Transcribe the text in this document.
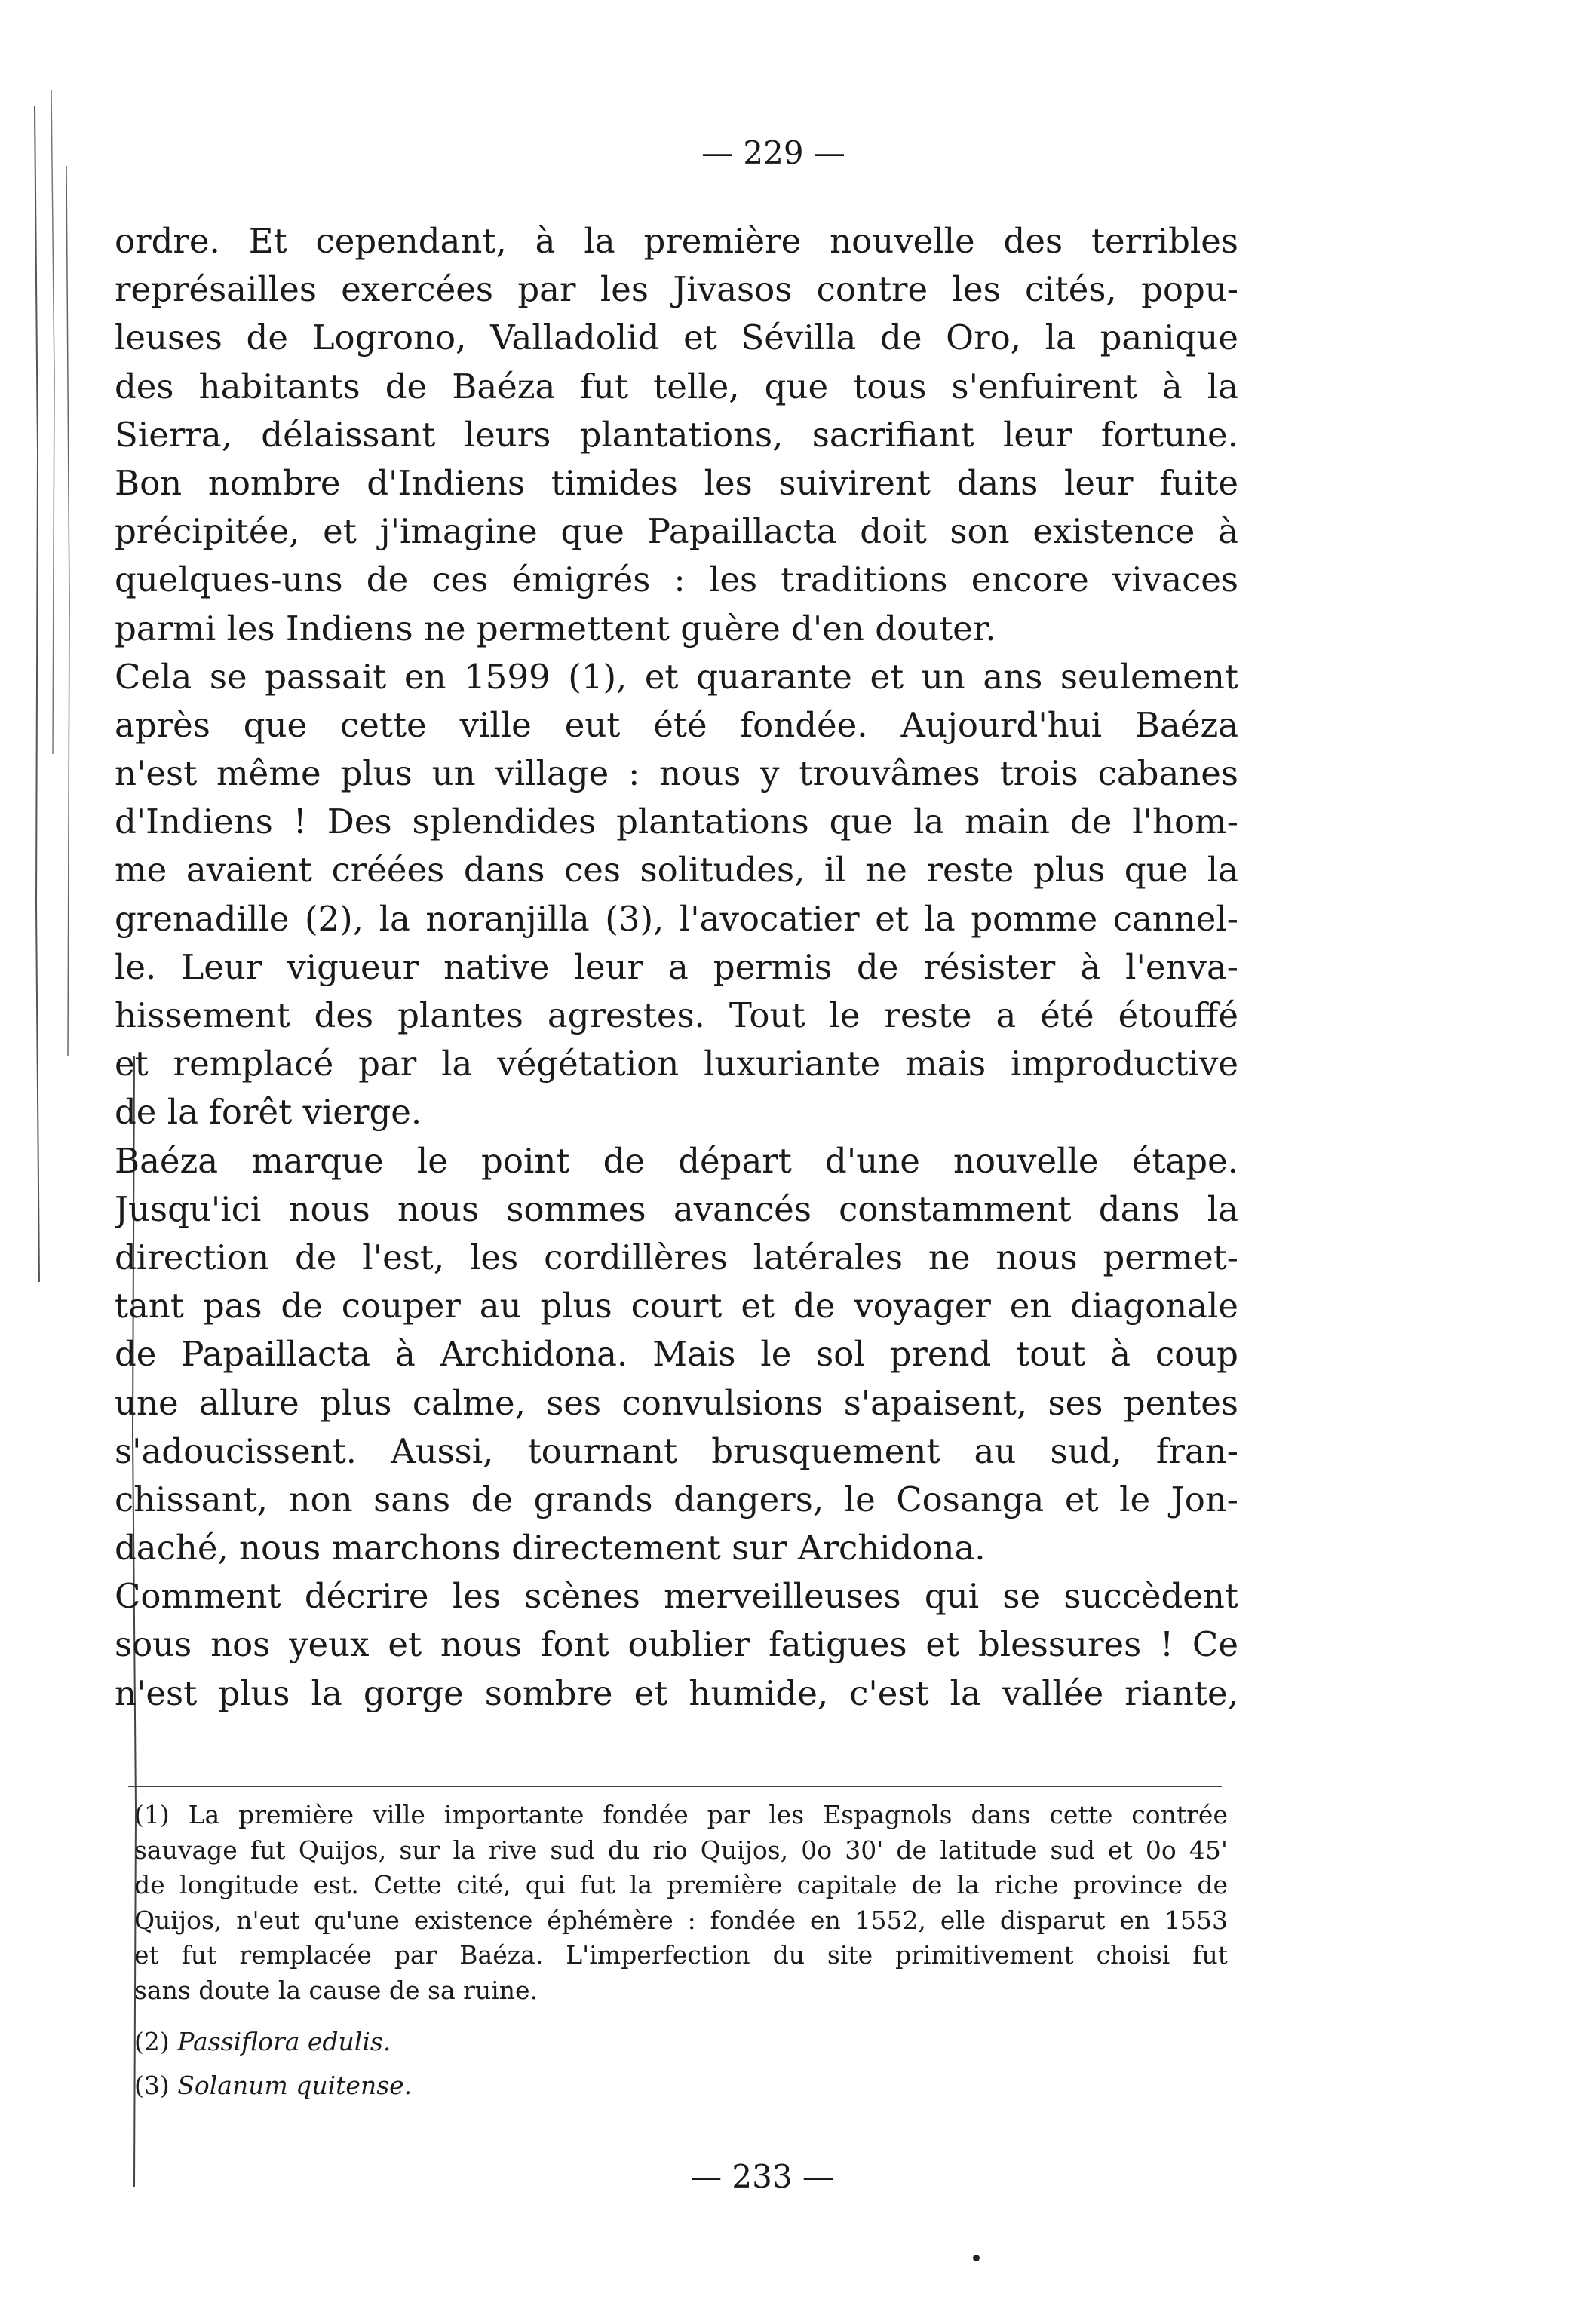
— 229 —
ordre. Et cependant, à la première nouvelle des terribles
représailles exercées par les Jivasos contre les cités, popu-
leuses de Logrono, Valladolid et Sévilla de Oro, la panique
des habitants de Baéza fut telle, que tous s'enfuirent à la
Sierra, délaissant leurs plantations, sacrifiant leur fortune.
Bon nombre d'Indiens timides les suivirent dans leur fuite
précipitée, et j'imagine que Papaillacta doit son existence à
quelques-uns de ces émigrés : les traditions encore vivaces
parmi les Indiens ne permettent guère d'en douter.
Cela se passait en 1599 (1), et quarante et un ans seulement
après que cette ville eut été fondée. Aujourd'hui Baéza
n'est même plus un village : nous y trouvâmes trois cabanes
d'Indiens ! Des splendides plantations que la main de l'hom-
me avaient créées dans ces solitudes, il ne reste plus que la
grenadille (2), la noranjilla (3), l'avocatier et la pomme cannel-
le. Leur vigueur native leur a permis de résister à l'enva-
hissement des plantes agrestes. Tout le reste a été étouffé
et remplacé par la végétation luxuriante mais improductive
de la forêt vierge.
Baéza marque le point de départ d'une nouvelle étape.
Jusqu'ici nous nous sommes avancés constamment dans la
direction de l'est, les cordillères latérales ne nous permet-
tant pas de couper au plus court et de voyager en diagonale
de Papaillacta à Archidona. Mais le sol prend tout à coup
une allure plus calme, ses convulsions s'apaisent, ses pentes
s'adoucissent. Aussi, tournant brusquement au sud, fran-
chissant, non sans de grands dangers, le Cosanga et le Jon-
daché, nous marchons directement sur Archidona.
Comment décrire les scènes merveilleuses qui se succèdent
sous nos yeux et nous font oublier fatigues et blessures ! Ce
n'est plus la gorge sombre et humide, c'est la vallée riante,
(1) La première ville importante fondée par les Espagnols dans cette contrée
sauvage fut Quijos, sur la rive sud du rio Quijos, 0o 30' de latitude sud et 0o 45'
de longitude est. Cette cité, qui fut la première capitale de la riche province de
Quijos, n'eut qu'une existence éphémère : fondée en 1552, elle disparut en 1553
et fut remplacée par Baéza. L'imperfection du site primitivement choisi fut
sans doute la cause de sa ruine.
(2) Passiflora edulis.
(3) Solanum quitense.
— 233 —
